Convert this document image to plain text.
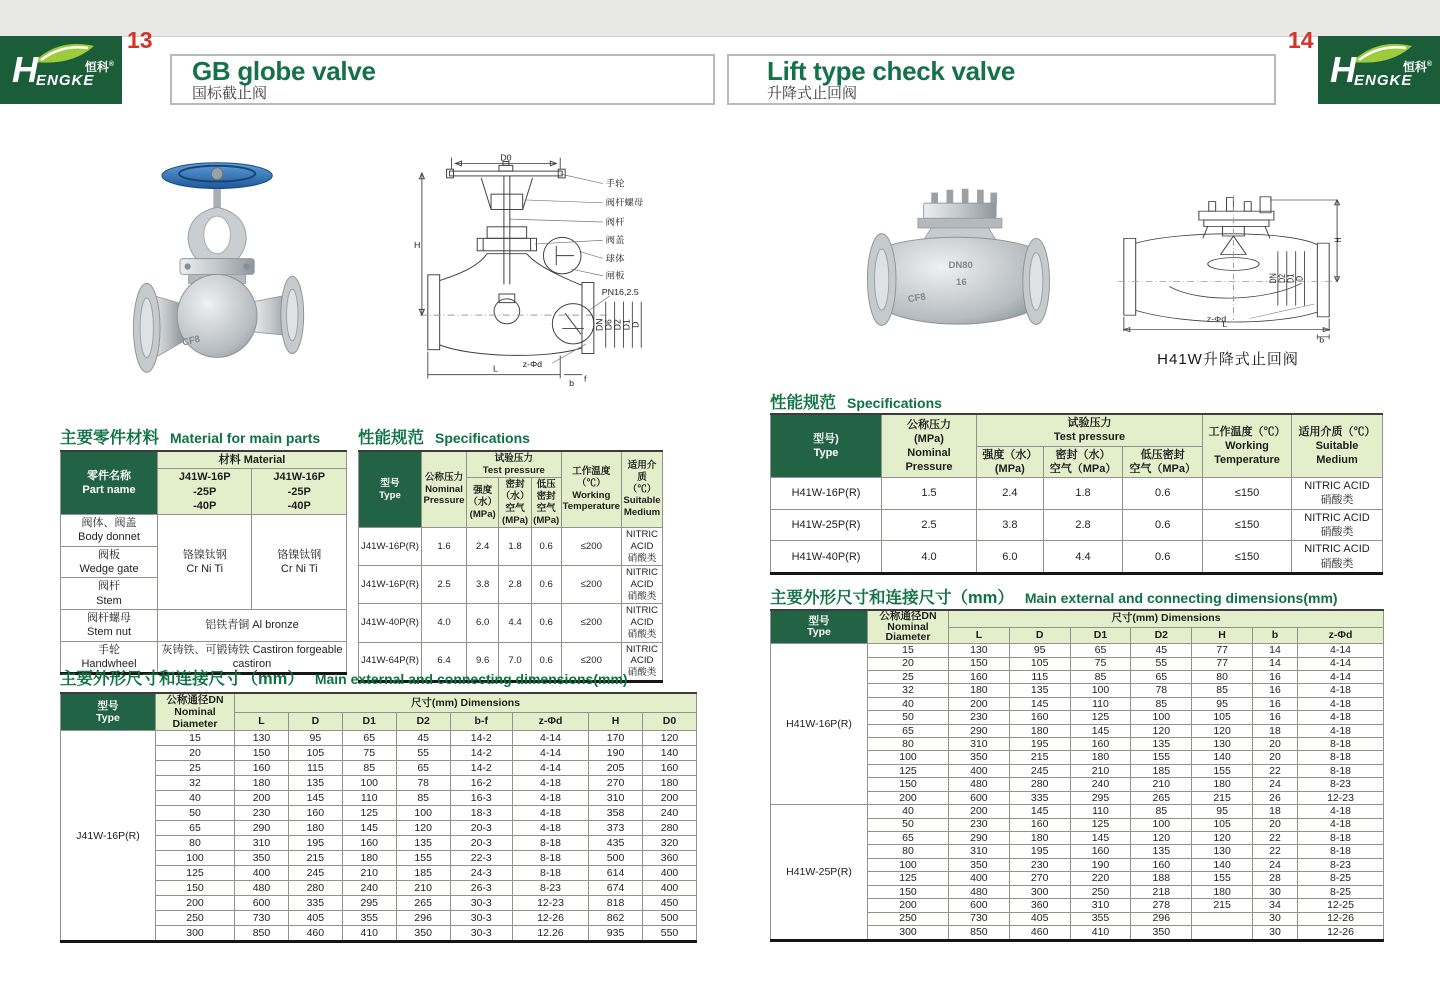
H
ENGKE
恒科®
13
GB globe valve
国标截止阀
Lift type check valve
升降式止回阀
14
H
ENGKE
恒科®
CF8
D0
H
手轮
阀杆螺母
阀杆
阀盖
球体
闸板
PN16,2.5
DN
D6
D2
D1
D
z-Φd
L
b f
DN80
16
CF8
H
DN
D2
D1
D
z-Φd
L
b
H41W升降式止回阀
主要零件材料 Material for main parts
零件名称
Part name	材料 Material	
	J41W-16P
-25P
-40P	J41W-16P
-25P
-40P
阀体、阀盖
Body donnet	铬镍钛钢
Cr Ni Ti	铬镍钛钢
Cr Ni Ti
阀板
Wedge gate		
阀杆
Stem		
阀杆螺母
Stem nut	铝铁青铜 Al bronze	
手轮
Handwheel	灰铸铁、可锻铸铁 Castiron forgeable castiron	
性能规范 Specifications
型号
Type	公称压力
Nominal
Pressure	试验压力
Test pressure			工作温度
（℃）
Working
Temperature	适用介质
（℃）
Suitable
Medium
		强度（水）
(MPa)	密封（水）
空气 (MPa)	低压密封
空气 (MPa)		
J41W-16P(R)	1.6	2.4	1.8	0.6	≤200	NITRIC ACID
硝酸类
J41W-16P(R)	2.5	3.8	2.8	0.6	≤200	NITRIC ACID
硝酸类
J41W-40P(R)	4.0	6.0	4.4	0.6	≤200	NITRIC ACID
硝酸类
J41W-64P(R)	6.4	9.6	7.0	0.6	≤200	NITRIC ACID
硝酸类
主要外形尺寸和连接尺寸（mm） Main external and connecting dimensions(mm)
型号
Type	公称通径DN
Nominal
Diameter	尺寸(mm) Dimensions							
		L	D	D1	D2	b-f	z-Φd	H	D0
J41W-16P(R)	15	130	95	65	45	14-2	4-14	170	120
	20	150	105	75	55	14-2	4-14	190	140
	25	160	115	85	65	14-2	4-14	205	160
	32	180	135	100	78	16-2	4-18	270	180
	40	200	145	110	85	16-3	4-18	310	200
	50	230	160	125	100	18-3	4-18	358	240
	65	290	180	145	120	20-3	4-18	373	280
	80	310	195	160	135	20-3	8-18	435	320
	100	350	215	180	155	22-3	8-18	500	360
	125	400	245	210	185	24-3	8-18	614	400
	150	480	280	240	210	26-3	8-23	674	400
	200	600	335	295	265	30-3	12-23	818	450
	250	730	405	355	296	30-3	12-26	862	500
	300	850	460	410	350	30-3	12.26	935	550
性能规范 Specifications
型号)
Type	公称压力
(MPa)
Nominal
Pressure	试验压力
Test pressure			工作温度（℃）
Working
Temperature	适用介质（℃）
Suitable
Medium
		强度（水）
(MPa)	密封（水）
空气（MPa）	低压密封
空气（MPa）		
H41W-16P(R)	1.5	2.4	1.8	0.6	≤150	NITRIC ACID
硝酸类
H41W-25P(R)	2.5	3.8	2.8	0.6	≤150	NITRIC ACID
硝酸类
H41W-40P(R)	4.0	6.0	4.4	0.6	≤150	NITRIC ACID
硝酸类
主要外形尺寸和连接尺寸（mm） Main external and connecting dimensions(mm)
型号
Type	公称通径DN
Nominal
Diameter	尺寸(mm) Dimensions						
		L	D	D1	D2	H	b	z-Φd
H41W-16P(R)	15	130	95	65	45	77	14	4-14
	20	150	105	75	55	77	14	4-14
	25	160	115	85	65	80	16	4-14
	32	180	135	100	78	85	16	4-18
	40	200	145	110	85	95	16	4-18
	50	230	160	125	100	105	16	4-18
	65	290	180	145	120	120	18	4-18
	80	310	195	160	135	130	20	8-18
	100	350	215	180	155	140	20	8-18
	125	400	245	210	185	155	22	8-18
	150	480	280	240	210	180	24	8-23
	200	600	335	295	265	215	26	12-23
H41W-25P(R)	40	200	145	110	85	95	18	4-18
	50	230	160	125	100	105	20	4-18
	65	290	180	145	120	120	22	8-18
	80	310	195	160	135	130	22	8-18
	100	350	230	190	160	140	24	8-23
	125	400	270	220	188	155	28	8-25
	150	480	300	250	218	180	30	8-25
	200	600	360	310	278	215	34	12-25
	250	730	405	355	296		30	12-26
	300	850	460	410	350		30	12-26
